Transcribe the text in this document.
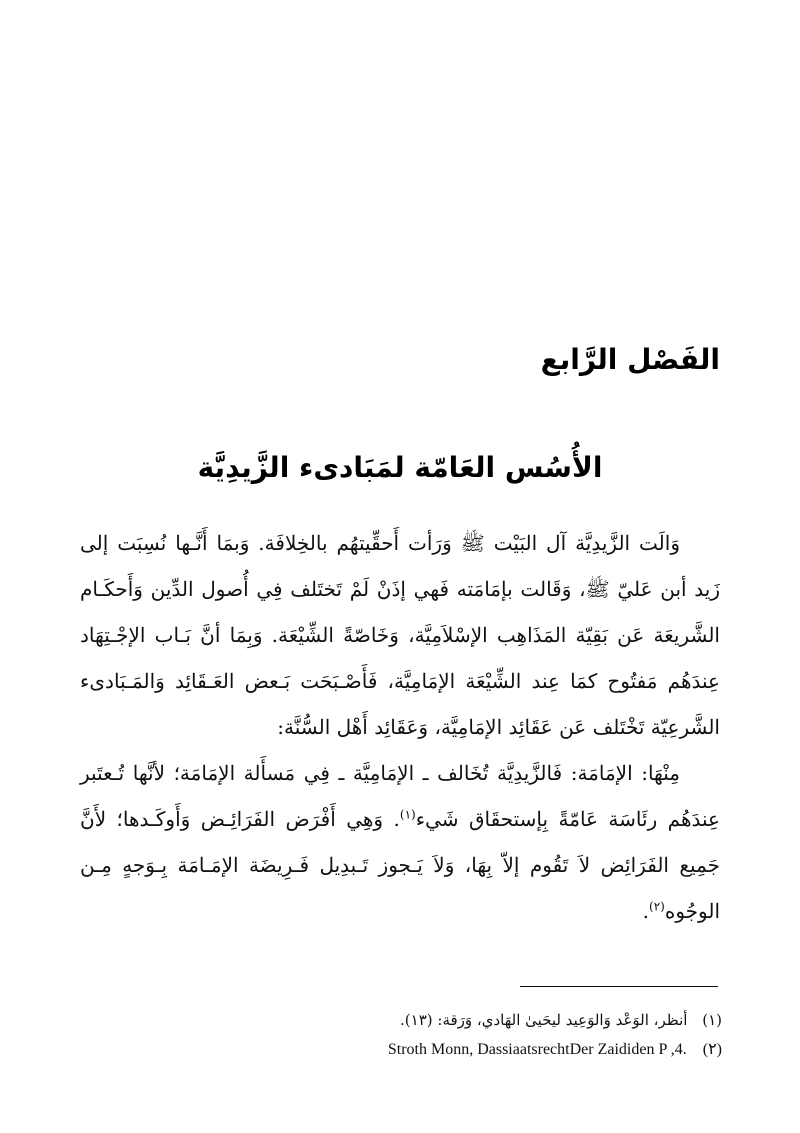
الفَصْل الرَّابع
الأُسُس العَامّة لمَبَادىء الزَّيدِيَّة

وَالَت الزَّيدِيَّة آل البَيْت ﷺ وَرَأت أَحقِّيتهُم بالخِلافَة. وَبمَا أَنَّـها نُسِبَت إلى زَيد أبن عَليّ ﷺ، وَقَالت بإمَامَته فَهي إذَنْ لَمْ تَختَلف فِي أُصول الدِّين وَأَحكَـام الشَّريعَة عَن بَقِيّة المَذَاهِب الإسْلاَمِيَّة، وَخَاصّةً الشِّيْعَة. وَبِمَا أنَّ بَـاب الإجْـتِهَاد عِندَهُم مَفتُوح كمَا عِند الشِّيْعَة الإمَامِيَّة، فَأَصْـبَحَت بَـعض العَـقَائِد وَالمَـبَادىء الشَّرعِيّة تَخْتَلف عَن عَقَائِد الإمَامِيَّة، وَعَقَائِد أَهْل السُّنَّة:

مِنْهَا: الإمَامَة: فَالزَّيدِيَّة تُخَالف ـ الإمَامِيَّة ـ فِي مَسأَلة الإمَامَة؛ لأنَّها تُـعتَبر عِندَهُم رئَاسَة عَامّةً بِإستحقَاق شَيء$^{(١)}$. وَهِي أَفْرَض الفَرَائِـض وَأَوكَـدها؛ لأَنَّ جَمِيع الفَرَائِض لاَ تَقُوم إلاّ بِهَا، وَلاَ يَـجوز تَـبدِيل فَـرِيضَة الإمَـامَة بِـوَجهٍ مِـن الوجُوه$^{(٢)}$.

(١) أنظر، الوَعْد وَالوَعِيد ليحَيىٰ الهَادي، وَرَقة: (١٣).

Stroth Monn, DassiaatsrechtDer Zaididen P ,4. (٢)
